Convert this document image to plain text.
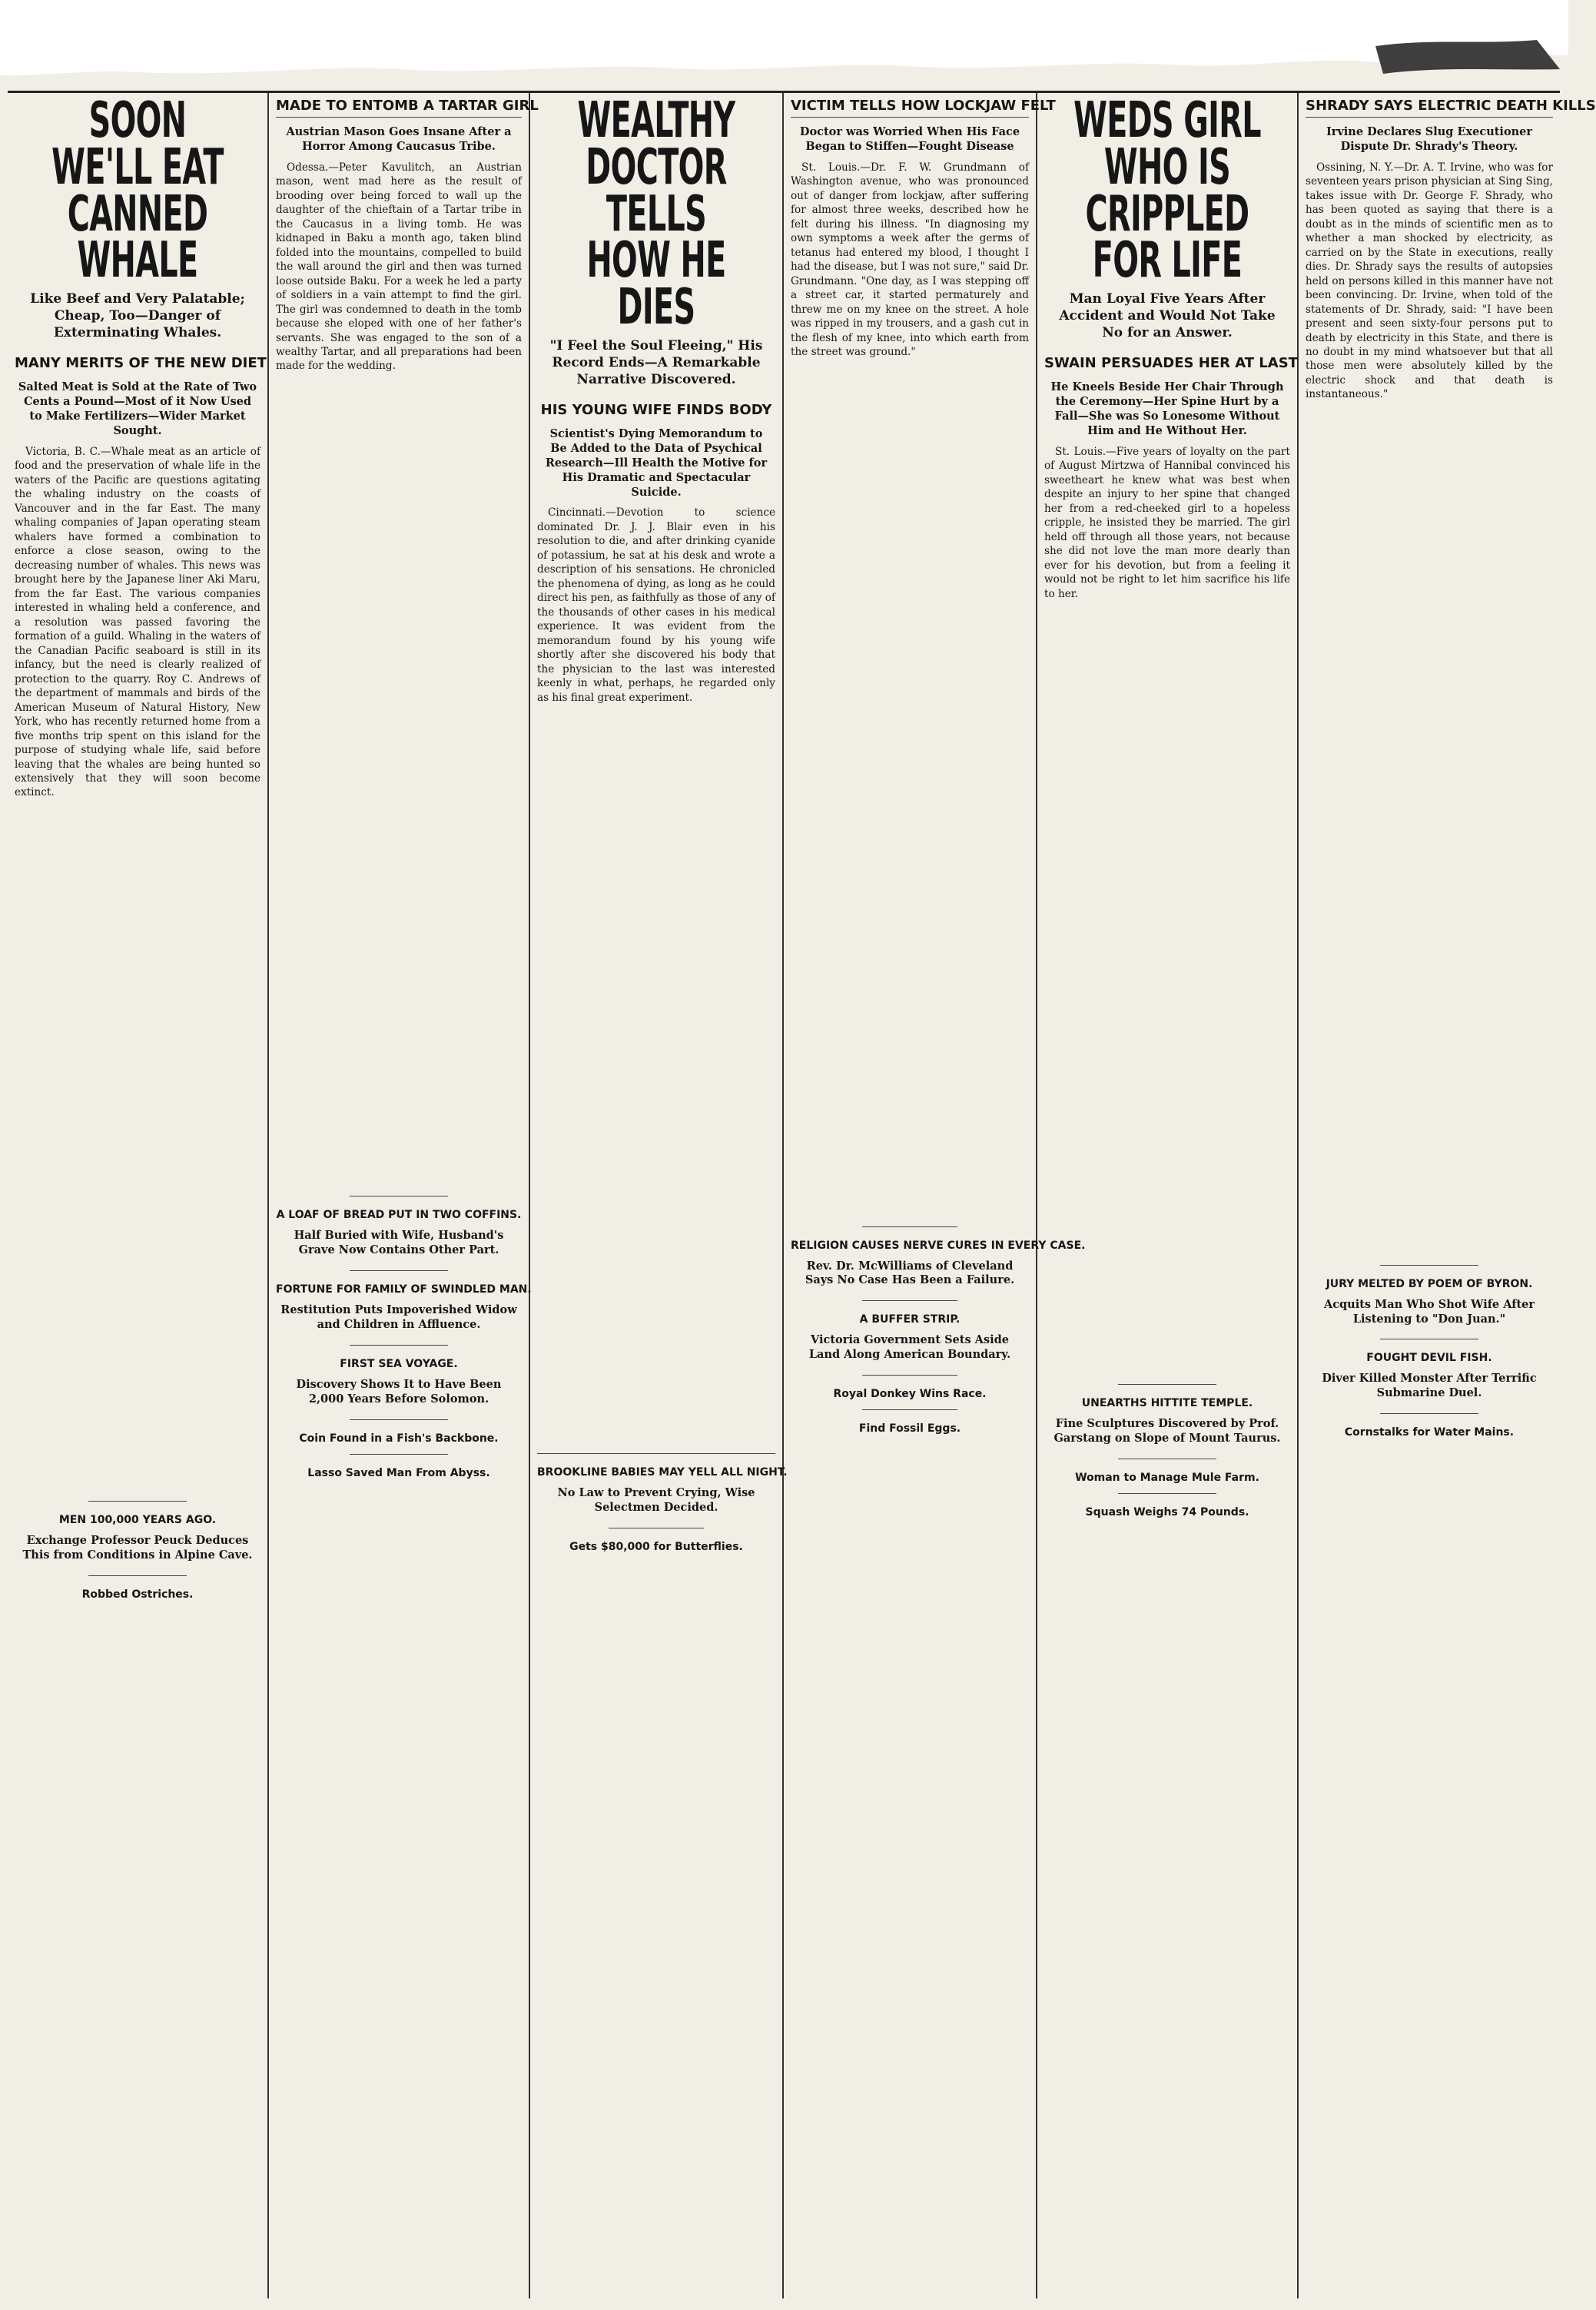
SOON WE'LL EAT CANNED WHALE
Like Beef and Very Palatable; Cheap, Too—Danger of Exterminating Whales.
MANY MERITS OF THE NEW DIET
Salted Meat is Sold at the Rate of Two Cents a Pound—Most of it Now Used to Make Fertilizers—Wider Market Sought.

Victoria, B. C.—Whale meat as an article of food and the preservation of whale life in the waters of the Pacific are questions agitating the whaling industry on the coasts of Vancouver and in the far East. The many whaling companies of Japan operating steam whalers have formed a combination to enforce a close season, owing to the decreasing number of whales. This news was brought here by the Japanese liner Aki Maru, from the far East. The various companies interested in whaling held a conference, and a resolution was passed favoring the formation of a guild. Whaling in the waters of the Canadian Pacific seaboard is still in its infancy, but the need is clearly realized of protection to the quarry. Roy C. Andrews of the department of mammals and birds of the American Museum of Natural History, New York, who has recently returned home from a five months trip spent on this island for the purpose of studying whale life, said before leaving that the whales are being hunted so extensively that they will soon become extinct.

MEN 100,000 YEARS AGO.
Exchange Professor Peuck Deduces This from Conditions in Alpine Cave.
Robbed Ostriches.
MADE TO ENTOMB A TARTAR GIRL
Austrian Mason Goes Insane After a Horror Among Caucasus Tribe.

Odessa.—Peter Kavulitch, an Austrian mason, went mad here as the result of brooding over being forced to wall up the daughter of the chieftain of a Tartar tribe in the Caucasus in a living tomb. He was kidnaped in Baku a month ago, taken blind folded into the mountains, compelled to build the wall around the girl and then was turned loose outside Baku. For a week he led a party of soldiers in a vain attempt to find the girl. The girl was condemned to death in the tomb because she eloped with one of her father's servants. She was engaged to the son of a wealthy Tartar, and all preparations had been made for the wedding.

A LOAF OF BREAD PUT IN TWO COFFINS.
Half Buried with Wife, Husband's Grave Now Contains Other Part.
FORTUNE FOR FAMILY OF SWINDLED MAN.
Restitution Puts Impoverished Widow and Children in Affluence.
FIRST SEA VOYAGE.
Discovery Shows It to Have Been 2,000 Years Before Solomon.
Coin Found in a Fish's Backbone.
Lasso Saved Man From Abyss.
WEALTHY DOCTOR TELLS HOW HE DIES
"I Feel the Soul Fleeing," His Record Ends—A Remarkable Narrative Discovered.
HIS YOUNG WIFE FINDS BODY
Scientist's Dying Memorandum to Be Added to the Data of Psychical Research—Ill Health the Motive for His Dramatic and Spectacular Suicide.

Cincinnati.—Devotion to science dominated Dr. J. J. Blair even in his resolution to die, and after drinking cyanide of potassium, he sat at his desk and wrote a description of his sensations. He chronicled the phenomena of dying, as long as he could direct his pen, as faithfully as those of any of the thousands of other cases in his medical experience. It was evident from the memorandum found by his young wife shortly after she discovered his body that the physician to the last was interested keenly in what, perhaps, he regarded only as his final great experiment.

BROOKLINE BABIES MAY YELL ALL NIGHT.
No Law to Prevent Crying, Wise Selectmen Decided.
Gets $80,000 for Butterflies.
VICTIM TELLS HOW LOCKJAW FELT
Doctor was Worried When His Face Began to Stiffen—Fought Disease

St. Louis.—Dr. F. W. Grundmann of Washington avenue, who was pronounced out of danger from lockjaw, after suffering for almost three weeks, described how he felt during his illness. "In diagnosing my own symptoms a week after the germs of tetanus had entered my blood, I thought I had the disease, but I was not sure," said Dr. Grundmann. "One day, as I was stepping off a street car, it started permaturely and threw me on my knee on the street. A hole was ripped in my trousers, and a gash cut in the flesh of my knee, into which earth from the street was ground."

RELIGION CAUSES NERVE CURES IN EVERY CASE.
Rev. Dr. McWilliams of Cleveland Says No Case Has Been a Failure.
A BUFFER STRIP.
Victoria Government Sets Aside Land Along American Boundary.
Royal Donkey Wins Race.
Find Fossil Eggs.
WEDS GIRL WHO IS CRIPPLED FOR LIFE
Man Loyal Five Years After Accident and Would Not Take No for an Answer.
SWAIN PERSUADES HER AT LAST
He Kneels Beside Her Chair Through the Ceremony—Her Spine Hurt by a Fall—She was So Lonesome Without Him and He Without Her.

St. Louis.—Five years of loyalty on the part of August Mirtzwa of Hannibal convinced his sweetheart he knew what was best when despite an injury to her spine that changed her from a red-cheeked girl to a hopeless cripple, he insisted they be married. The girl held off through all those years, not because she did not love the man more dearly than ever for his devotion, but from a feeling it would not be right to let him sacrifice his life to her.

UNEARTHS HITTITE TEMPLE.
Fine Sculptures Discovered by Prof. Garstang on Slope of Mount Taurus.
Woman to Manage Mule Farm.
Squash Weighs 74 Pounds.
SHRADY SAYS ELECTRIC DEATH KILLS
Irvine Declares Slug Executioner Dispute Dr. Shrady's Theory.

Ossining, N. Y.—Dr. A. T. Irvine, who was for seventeen years prison physician at Sing Sing, takes issue with Dr. George F. Shrady, who has been quoted as saying that there is a doubt as in the minds of scientific men as to whether a man shocked by electricity, as carried on by the State in executions, really dies. Dr. Shrady says the results of autopsies held on persons killed in this manner have not been convincing. Dr. Irvine, when told of the statements of Dr. Shrady, said: "I have been present and seen sixty-four persons put to death by electricity in this State, and there is no doubt in my mind whatsoever but that all those men were absolutely killed by the electric shock and that death is instantaneous."

JURY MELTED BY POEM OF BYRON.
Acquits Man Who Shot Wife After Listening to "Don Juan."
FOUGHT DEVIL FISH.
Diver Killed Monster After Terrific Submarine Duel.
Cornstalks for Water Mains.
